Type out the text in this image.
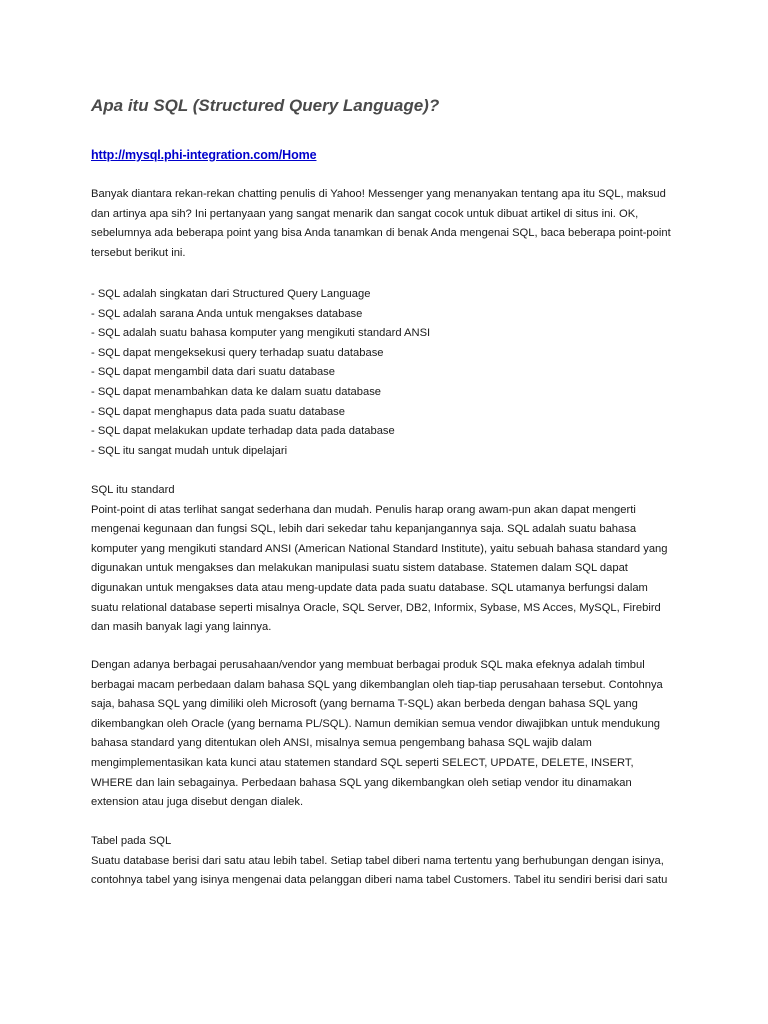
Apa itu SQL (Structured Query Language)?
http://mysql.phi-integration.com/Home
Banyak diantara rekan-rekan chatting penulis di Yahoo! Messenger yang menanyakan tentang apa itu SQL, maksud
dan artinya apa sih? Ini pertanyaan yang sangat menarik dan sangat cocok untuk dibuat artikel di situs ini. OK,
sebelumnya ada beberapa point yang bisa Anda tanamkan di benak Anda mengenai SQL, baca beberapa point-point
tersebut berikut ini.
- SQL adalah singkatan dari Structured Query Language
- SQL adalah sarana Anda untuk mengakses database
- SQL adalah suatu bahasa komputer yang mengikuti standard ANSI
- SQL dapat mengeksekusi query terhadap suatu database
- SQL dapat mengambil data dari suatu database
- SQL dapat menambahkan data ke dalam suatu database
- SQL dapat menghapus data pada suatu database
- SQL dapat melakukan update terhadap data pada database
- SQL itu sangat mudah untuk dipelajari
SQL itu standard
Point-point di atas terlihat sangat sederhana dan mudah. Penulis harap orang awam-pun akan dapat mengerti
mengenai kegunaan dan fungsi SQL, lebih dari sekedar tahu kepanjangannya saja. SQL adalah suatu bahasa
komputer yang mengikuti standard ANSI (American National Standard Institute), yaitu sebuah bahasa standard yang
digunakan untuk mengakses dan melakukan manipulasi suatu sistem database. Statemen dalam SQL dapat
digunakan untuk mengakses data atau meng-update data pada suatu database. SQL utamanya berfungsi dalam
suatu relational database seperti misalnya Oracle, SQL Server, DB2, Informix, Sybase, MS Acces, MySQL, Firebird
dan masih banyak lagi yang lainnya.
Dengan adanya berbagai perusahaan/vendor yang membuat berbagai produk SQL maka efeknya adalah timbul
berbagai macam perbedaan dalam bahasa SQL yang dikembanglan oleh tiap-tiap perusahaan tersebut. Contohnya
saja, bahasa SQL yang dimiliki oleh Microsoft (yang bernama T-SQL) akan berbeda dengan bahasa SQL yang
dikembangkan oleh Oracle (yang bernama PL/SQL). Namun demikian semua vendor diwajibkan untuk mendukung
bahasa standard yang ditentukan oleh ANSI, misalnya semua pengembang bahasa SQL wajib dalam
mengimplementasikan kata kunci atau statemen standard SQL seperti SELECT, UPDATE, DELETE, INSERT,
WHERE dan lain sebagainya. Perbedaan bahasa SQL yang dikembangkan oleh setiap vendor itu dinamakan
extension atau juga disebut dengan dialek.
Tabel pada SQL
Suatu database berisi dari satu atau lebih tabel. Setiap tabel diberi nama tertentu yang berhubungan dengan isinya,
contohnya tabel yang isinya mengenai data pelanggan diberi nama tabel Customers. Tabel itu sendiri berisi dari satu
